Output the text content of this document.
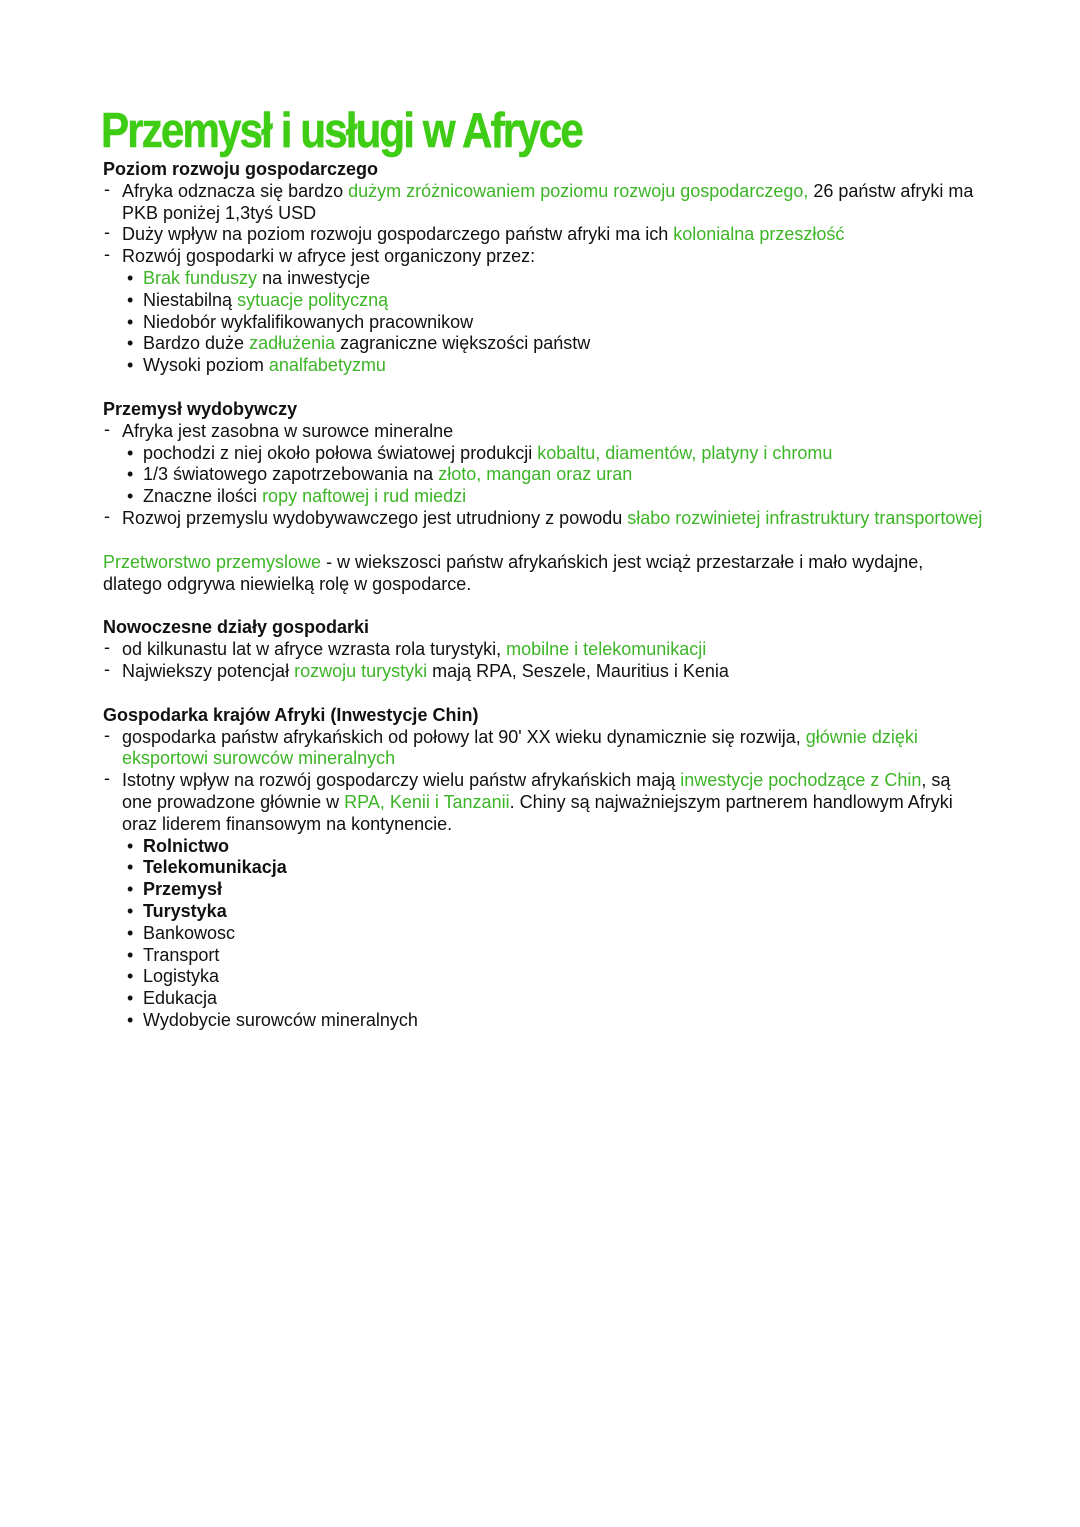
Przemysł i usługi w Afryce

Poziom rozwoju gospodarczego

- Afryka odznacza się bardzo dużym zróżnicowaniem poziomu rozwoju gospodarczego, 26 państw afryki ma PKB poniżej 1,3tyś USD
- Duży wpływ na poziom rozwoju gospodarczego państw afryki ma ich kolonialna przeszłość
- Rozwój gospodarki w afryce jest organiczony przez:
• Brak funduszy na inwestycje
• Niestabilną sytuacje polityczną
• Niedobór wykfalifikowanych pracownikow
• Bardzo duże zadłużenia zagraniczne większości państw
• Wysoki poziom analfabetyzmu

Przemysł wydobywczy

- Afryka jest zasobna w surowce mineralne
• pochodzi z niej około połowa światowej produkcji kobaltu, diamentów, platyny i chromu
• 1/3 światowego zapotrzebowania na złoto, mangan oraz uran
• Znaczne ilości ropy naftowej i rud miedzi
- Rozwoj przemyslu wydobywawczego jest utrudniony z powodu słabo rozwinietej infrastruktury transportowej

Przetworstwo przemyslowe - w wiekszosci państw afrykańskich jest wciąż przestarzałe i mało wydajne, dlatego odgrywa niewielką rolę w gospodarce.

Nowoczesne działy gospodarki

- od kilkunastu lat w afryce wzrasta rola turystyki, mobilne i telekomunikacji
- Najwiekszy potencjał rozwoju turystyki mają RPA, Seszele, Mauritius i Kenia

Gospodarka krajów Afryki (Inwestycje Chin)

- gospodarka państw afrykańskich od połowy lat 90' XX wieku dynamicznie się rozwija, głównie dzięki eksportowi surowców mineralnych
- Istotny wpływ na rozwój gospodarczy wielu państw afrykańskich mają inwestycje pochodzące z Chin, są one prowadzone głównie w RPA, Kenii i Tanzanii. Chiny są najważniejszym partnerem handlowym Afryki oraz liderem finansowym na kontynencie.
• Rolnictwo
• Telekomunikacja
• Przemysł
• Turystyka
• Bankowosc
• Transport
• Logistyka
• Edukacja
• Wydobycie surowców mineralnych
